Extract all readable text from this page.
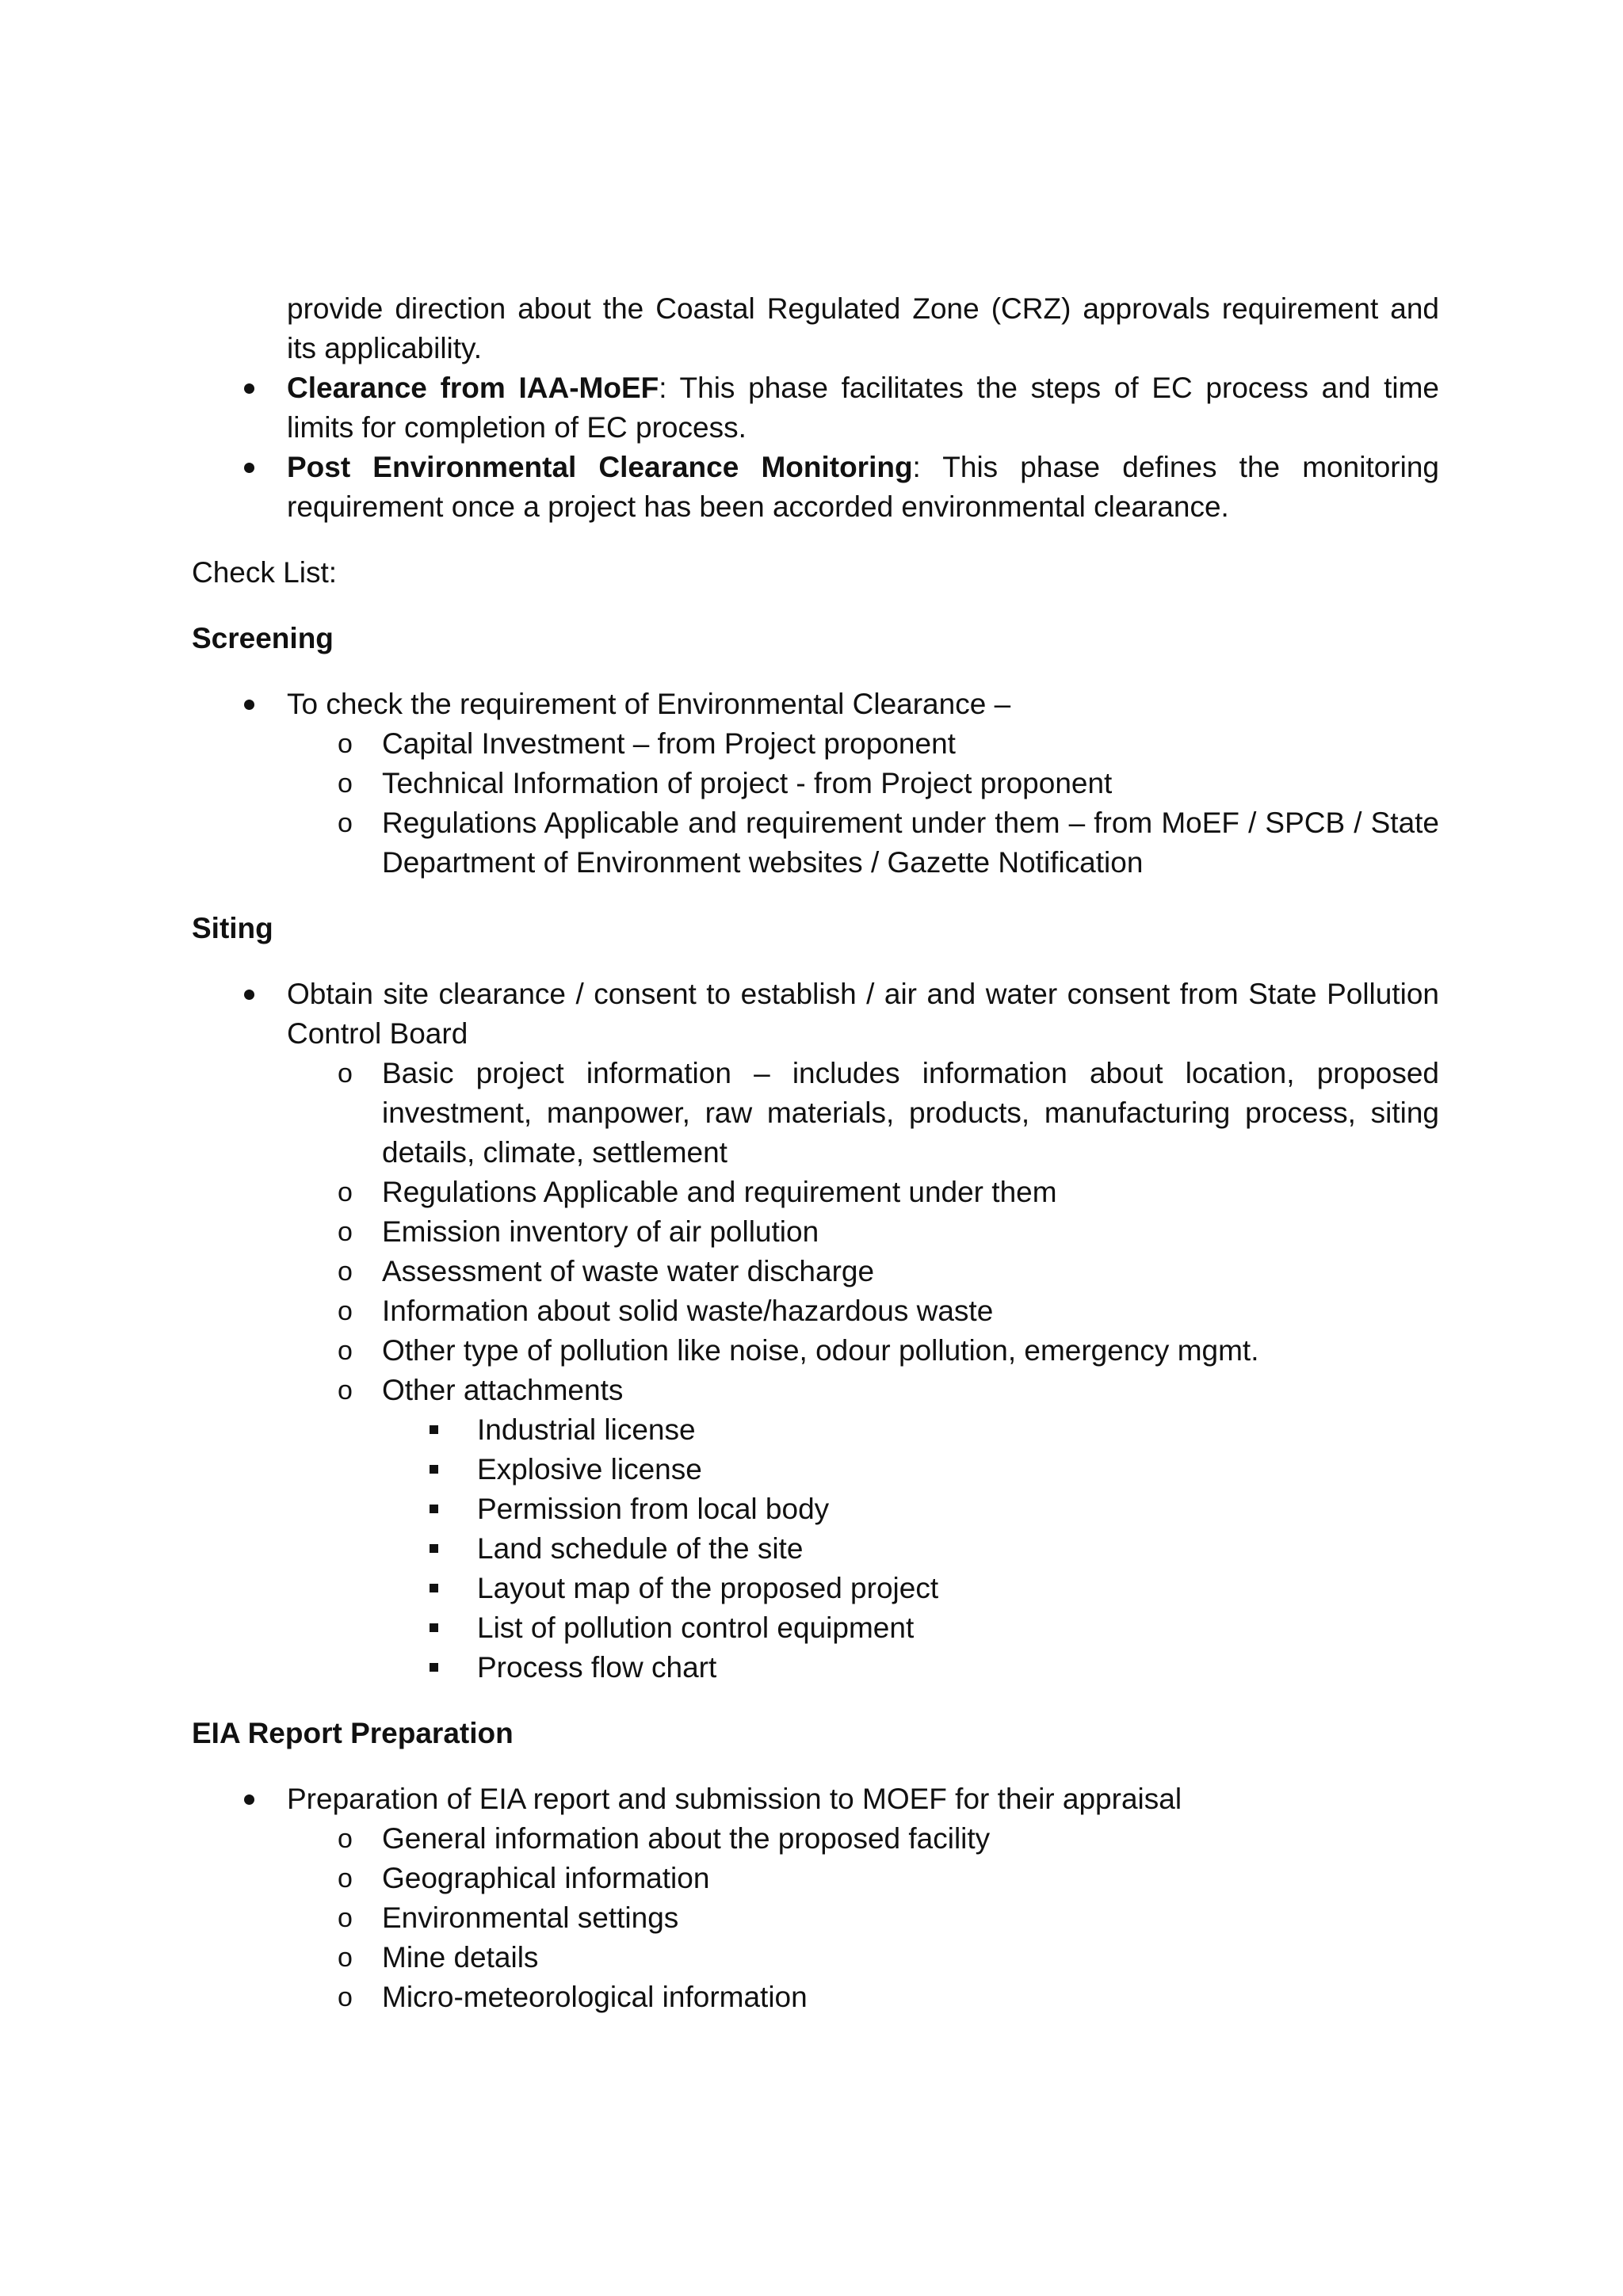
provide direction about the Coastal Regulated Zone (CRZ) approvals requirement and its applicability.
Clearance from IAA-MoEF: This phase facilitates the steps of EC process and time limits for completion of EC process.
Post Environmental Clearance Monitoring: This phase defines the monitoring requirement once a project has been accorded environmental clearance.
Check List:
Screening
To check the requirement of Environmental Clearance –
o Capital Investment – from Project proponent
o Technical Information of project - from Project proponent
o Regulations Applicable and requirement under them – from MoEF / SPCB / State Department of Environment websites / Gazette Notification
Siting
Obtain site clearance / consent to establish / air and water consent from State Pollution Control Board
o Basic project information – includes information about location, proposed investment, manpower, raw materials, products, manufacturing process, siting details, climate, settlement
o Regulations Applicable and requirement under them
o Emission inventory of air pollution
o Assessment of waste water discharge
o Information about solid waste/hazardous waste
o Other type of pollution like noise, odour pollution, emergency mgmt.
o Other attachments
Industrial license
Explosive license
Permission from local body
Land schedule of the site
Layout map of the proposed project
List of pollution control equipment
Process flow chart
EIA Report Preparation
Preparation of EIA report and submission to MOEF for their appraisal
o General information about the proposed facility
o Geographical information
o Environmental settings
o Mine details
o Micro-meteorological information
